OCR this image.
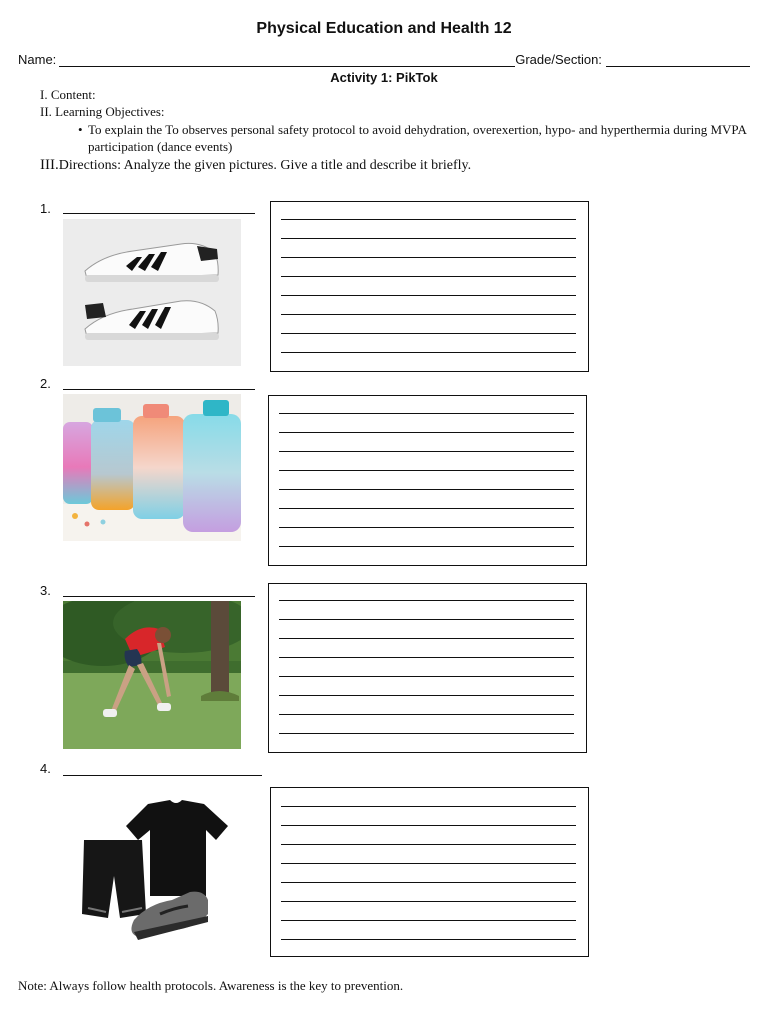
Physical Education and Health 12
Name:	Grade/Section:
Activity 1: PikTok
I. Content:
II. Learning Objectives:
• To explain the To observes personal safety protocol to avoid dehydration, overexertion, hypo- and hyperthermia during MVPA participation (dance events)
III.Directions: Analyze the given pictures. Give a title and describe it briefly.
1.
2.
3.
4.
Note: Always follow health protocols. Awareness is the key to prevention.
